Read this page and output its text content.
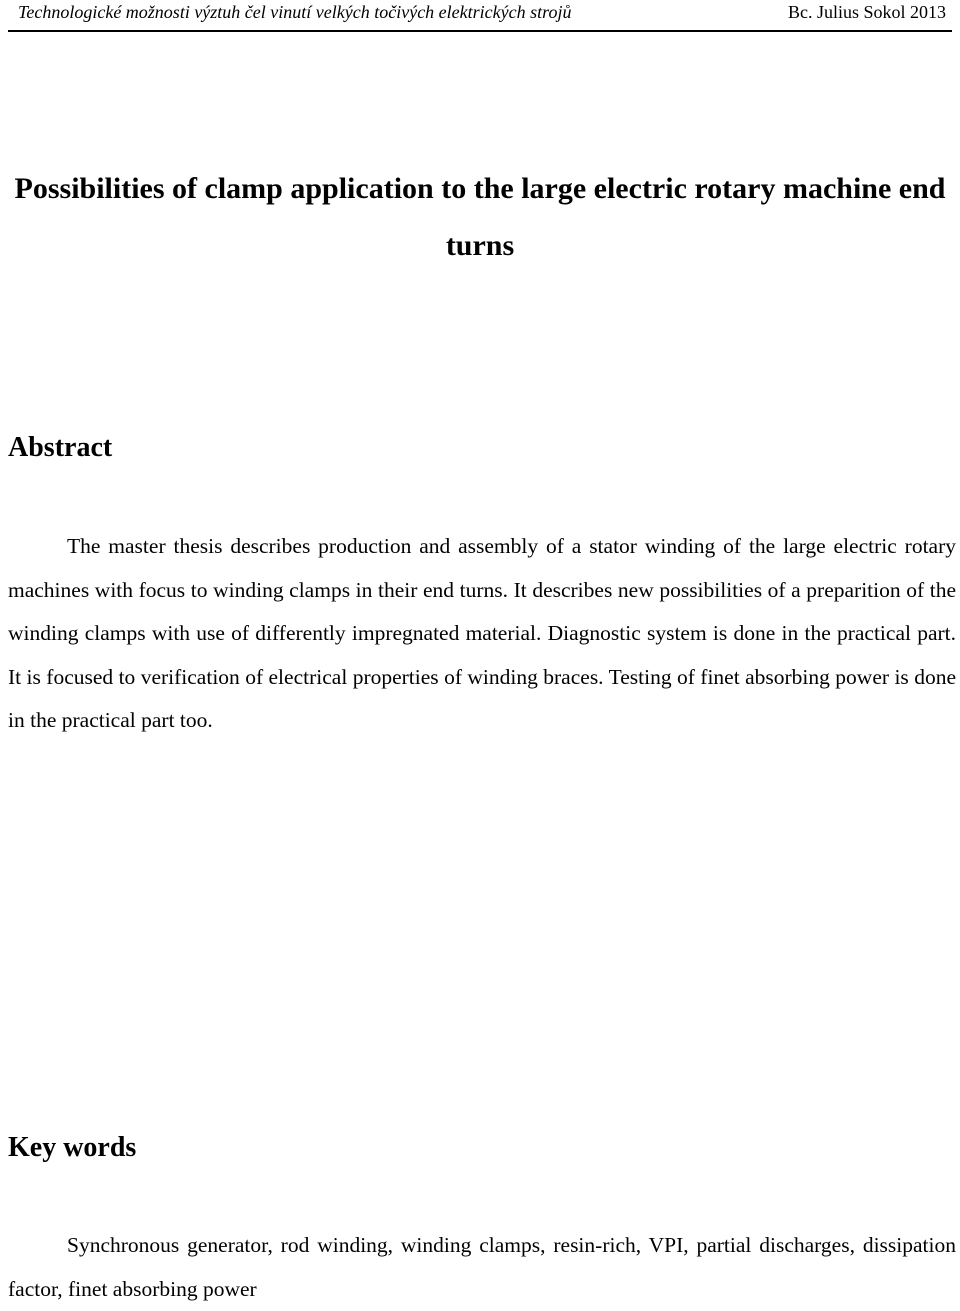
Technologické možnosti výztuh čel vinutí velkých točivých elektrických strojů	Bc. Julius Sokol 2013
Possibilities of clamp application to the large electric rotary machine end turns
Abstract

The master thesis describes production and assembly of a stator winding of the large electric rotary machines with focus to winding clamps in their end turns. It describes new possibilities of a preparition of the winding clamps with use of differently impregnated material. Diagnostic system is done in the practical part. It is focused to verification of electrical properties of winding braces. Testing of finet absorbing power is done in the practical part too.

Key words

Synchronous generator, rod winding, winding clamps, resin-rich, VPI, partial discharges, dissipation factor, finet absorbing power
